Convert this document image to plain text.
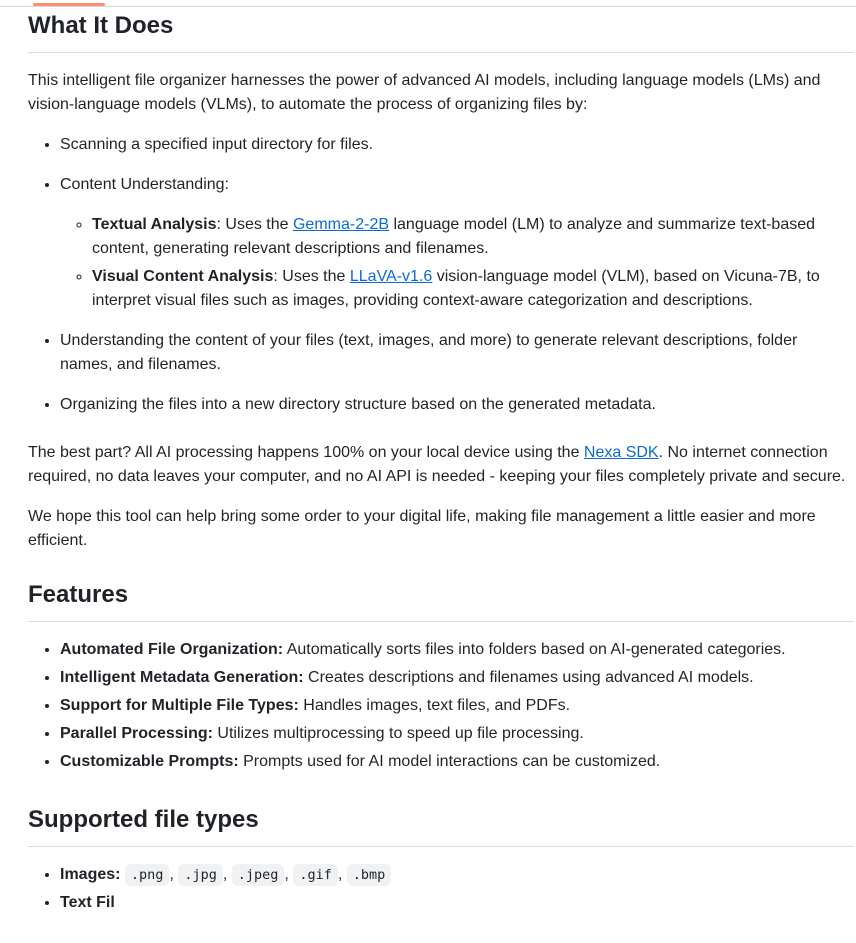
What It Does

This intelligent file organizer harnesses the power of advanced AI models, including language models (LMs) and vision-language models (VLMs), to automate the process of organizing files by:

• Scanning a specified input directory for files.
• Content Understanding:
◦ Textual Analysis: Uses the Gemma-2-2B language model (LM) to analyze and summarize text-based content, generating relevant descriptions and filenames.
◦ Visual Content Analysis: Uses the LLaVA-v1.6 vision-language model (VLM), based on Vicuna-7B, to interpret visual files such as images, providing context-aware categorization and descriptions.
• Understanding the content of your files (text, images, and more) to generate relevant descriptions, folder names, and filenames.
• Organizing the files into a new directory structure based on the generated metadata.

The best part? All AI processing happens 100% on your local device using the Nexa SDK. No internet connection required, no data leaves your computer, and no AI API is needed - keeping your files completely private and secure.

We hope this tool can help bring some order to your digital life, making file management a little easier and more efficient.

Features
• Automated File Organization: Automatically sorts files into folders based on AI-generated categories.
• Intelligent Metadata Generation: Creates descriptions and filenames using advanced AI models.
• Support for Multiple File Types: Handles images, text files, and PDFs.
• Parallel Processing: Utilizes multiprocessing to speed up file processing.
• Customizable Prompts: Prompts used for AI model interactions can be customized.
Supported file types
• Images: .png , .jpg , .jpeg , .gif , .bmp
• Text Fil
